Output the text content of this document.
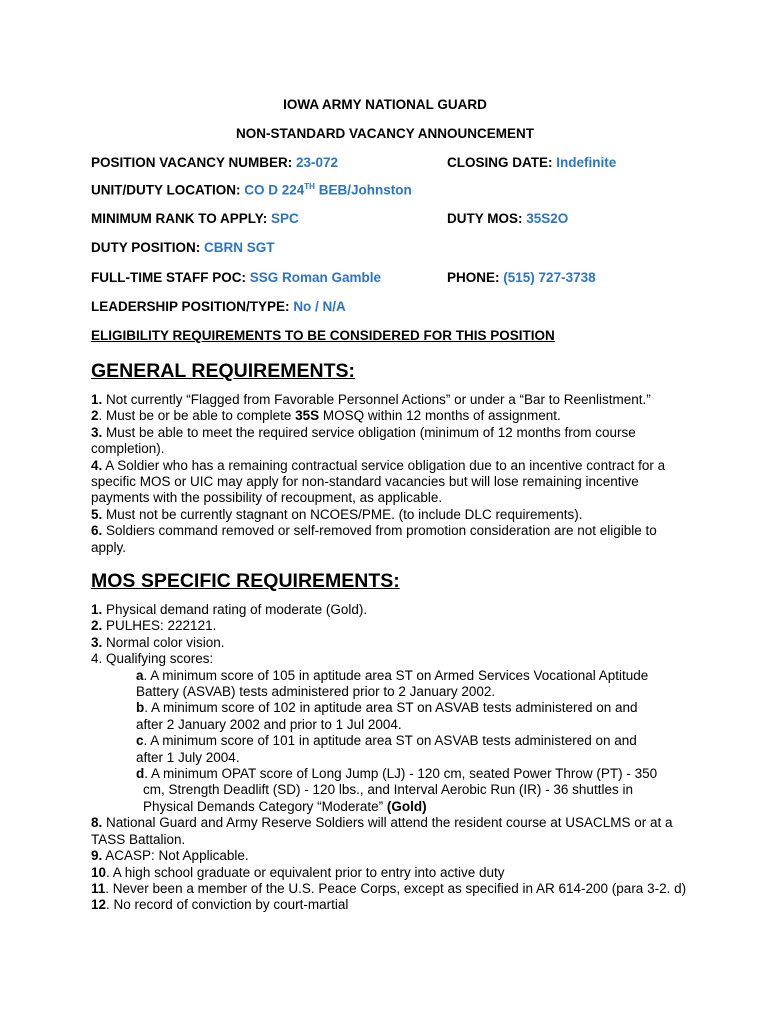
IOWA ARMY NATIONAL GUARD
NON-STANDARD VACANCY ANNOUNCEMENT
POSITION VACANCY NUMBER: 23-072	CLOSING DATE: Indefinite
UNIT/DUTY LOCATION: CO D 224TH BEB/Johnston
MINIMUM RANK TO APPLY: SPC	DUTY MOS: 35S2O
DUTY POSITION: CBRN SGT
FULL-TIME STAFF POC: SSG Roman Gamble	PHONE: (515) 727-3738
LEADERSHIP POSITION/TYPE: No / N/A
ELIGIBILITY REQUIREMENTS TO BE CONSIDERED FOR THIS POSITION
GENERAL REQUIREMENTS:

1. Not currently “Flagged from Favorable Personnel Actions” or under a “Bar to Reenlistment.”

2. Must be or be able to complete 35S MOSQ within 12 months of assignment.

3. Must be able to meet the required service obligation (minimum of 12 months from course completion).

4. A Soldier who has a remaining contractual service obligation due to an incentive contract for a specific MOS or UIC may apply for non-standard vacancies but will lose remaining incentive payments with the possibility of recoupment, as applicable.

5. Must not be currently stagnant on NCOES/PME. (to include DLC requirements).

6. Soldiers command removed or self-removed from promotion consideration are not eligible to apply.

MOS SPECIFIC REQUIREMENTS:

1. Physical demand rating of moderate (Gold).

2. PULHES: 222121.

3. Normal color vision.

4. Qualifying scores:

a. A minimum score of 105 in aptitude area ST on Armed Services Vocational Aptitude

Battery (ASVAB) tests administered prior to 2 January 2002.

b. A minimum score of 102 in aptitude area ST on ASVAB tests administered on and

after 2 January 2002 and prior to 1 Jul 2004.

c. A minimum score of 101 in aptitude area ST on ASVAB tests administered on and

after 1 July 2004.

d. A minimum OPAT score of Long Jump (LJ) - 120 cm, seated Power Throw (PT) - 350

cm, Strength Deadlift (SD) - 120 lbs., and Interval Aerobic Run (IR) - 36 shuttles in

Physical Demands Category “Moderate” (Gold)

8. National Guard and Army Reserve Soldiers will attend the resident course at USACLMS or at a TASS Battalion.

9. ACASP: Not Applicable.

10. A high school graduate or equivalent prior to entry into active duty

11. Never been a member of the U.S. Peace Corps, except as specified in AR 614-200 (para 3-2. d)

12. No record of conviction by court-martial
